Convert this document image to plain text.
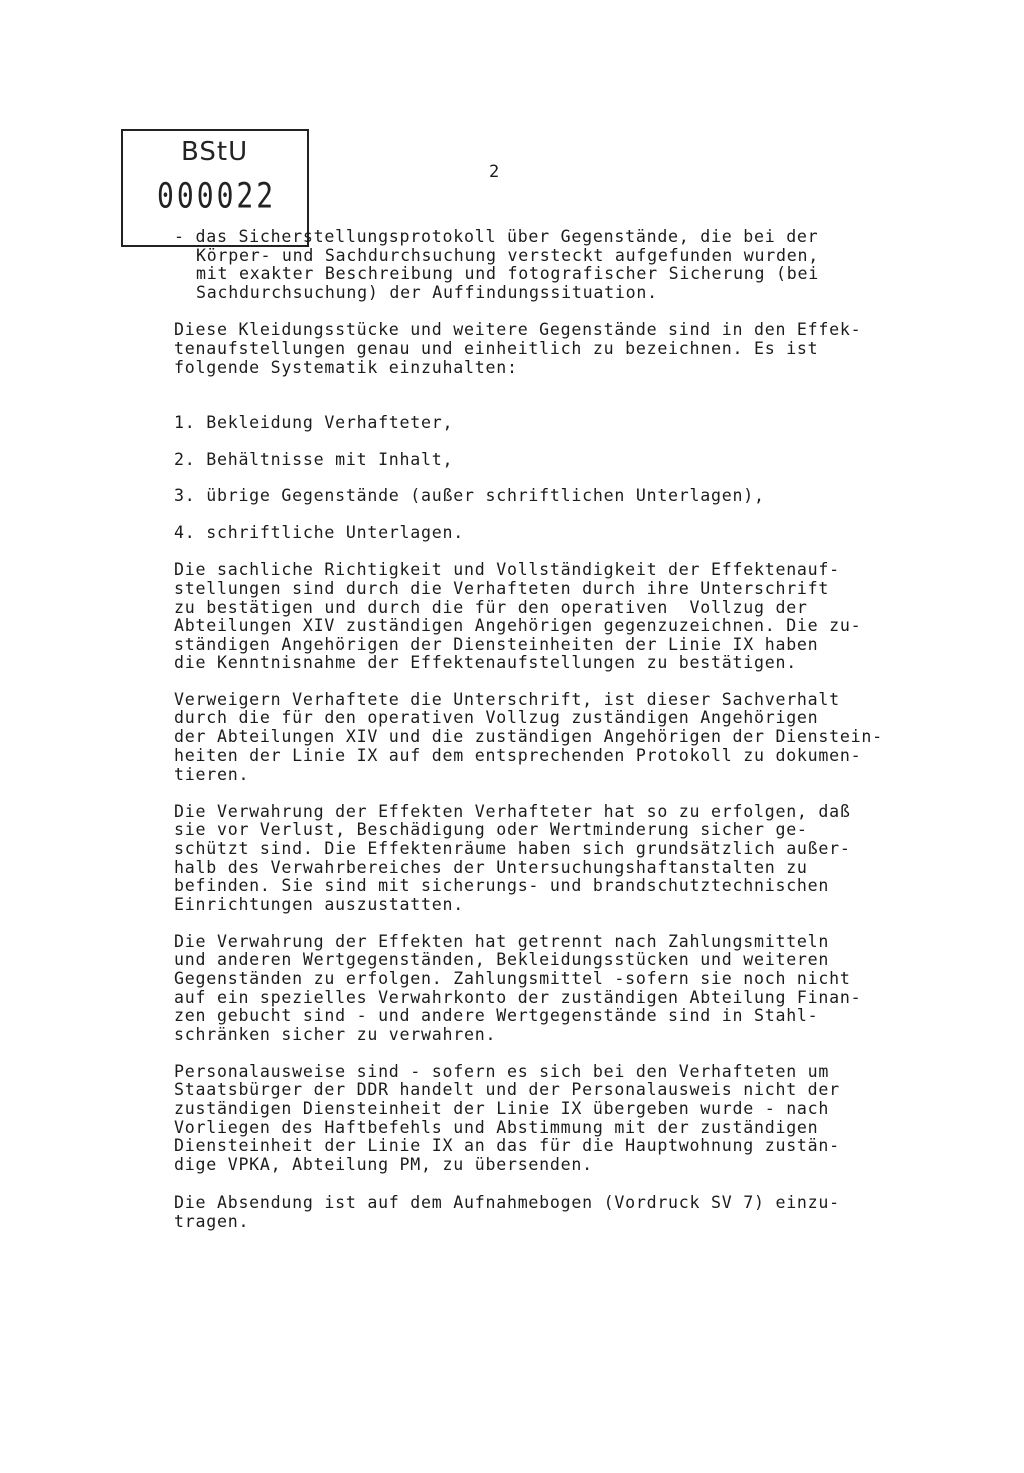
BStU
000022
2
- das Sicherstellungsprotokoll über Gegenstände, die bei der
Körper- und Sachdurchsuchung versteckt aufgefunden wurden,
mit exakter Beschreibung und fotografischer Sicherung (bei
Sachdurchsuchung) der Auffindungssituation.
Diese Kleidungsstücke und weitere Gegenstände sind in den Effek-
tenaufstellungen genau und einheitlich zu bezeichnen. Es ist
folgende Systematik einzuhalten:
1. Bekleidung Verhafteter,
2. Behältnisse mit Inhalt,
3. übrige Gegenstände (außer schriftlichen Unterlagen),
4. schriftliche Unterlagen.
Die sachliche Richtigkeit und Vollständigkeit der Effektenauf-
stellungen sind durch die Verhafteten durch ihre Unterschrift
zu bestätigen und durch die für den operativen  Vollzug der
Abteilungen XIV zuständigen Angehörigen gegenzuzeichnen. Die zu-
ständigen Angehörigen der Diensteinheiten der Linie IX haben
die Kenntnisnahme der Effektenaufstellungen zu bestätigen.
Verweigern Verhaftete die Unterschrift, ist dieser Sachverhalt
durch die für den operativen Vollzug zuständigen Angehörigen
der Abteilungen XIV und die zuständigen Angehörigen der Dienstein-
heiten der Linie IX auf dem entsprechenden Protokoll zu dokumen-
tieren.
Die Verwahrung der Effekten Verhafteter hat so zu erfolgen, daß
sie vor Verlust, Beschädigung oder Wertminderung sicher ge-
schützt sind. Die Effektenräume haben sich grundsätzlich außer-
halb des Verwahrbereiches der Untersuchungshaftanstalten zu
befinden. Sie sind mit sicherungs- und brandschutztechnischen
Einrichtungen auszustatten.
Die Verwahrung der Effekten hat getrennt nach Zahlungsmitteln
und anderen Wertgegenständen, Bekleidungsstücken und weiteren
Gegenständen zu erfolgen. Zahlungsmittel -sofern sie noch nicht
auf ein spezielles Verwahrkonto der zuständigen Abteilung Finan-
zen gebucht sind - und andere Wertgegenstände sind in Stahl-
schränken sicher zu verwahren.
Personalausweise sind - sofern es sich bei den Verhafteten um
Staatsbürger der DDR handelt und der Personalausweis nicht der
zuständigen Diensteinheit der Linie IX übergeben wurde - nach
Vorliegen des Haftbefehls und Abstimmung mit der zuständigen
Diensteinheit der Linie IX an das für die Hauptwohnung zustän-
dige VPKA, Abteilung PM, zu übersenden.
Die Absendung ist auf dem Aufnahmebogen (Vordruck SV 7) einzu-
tragen.
